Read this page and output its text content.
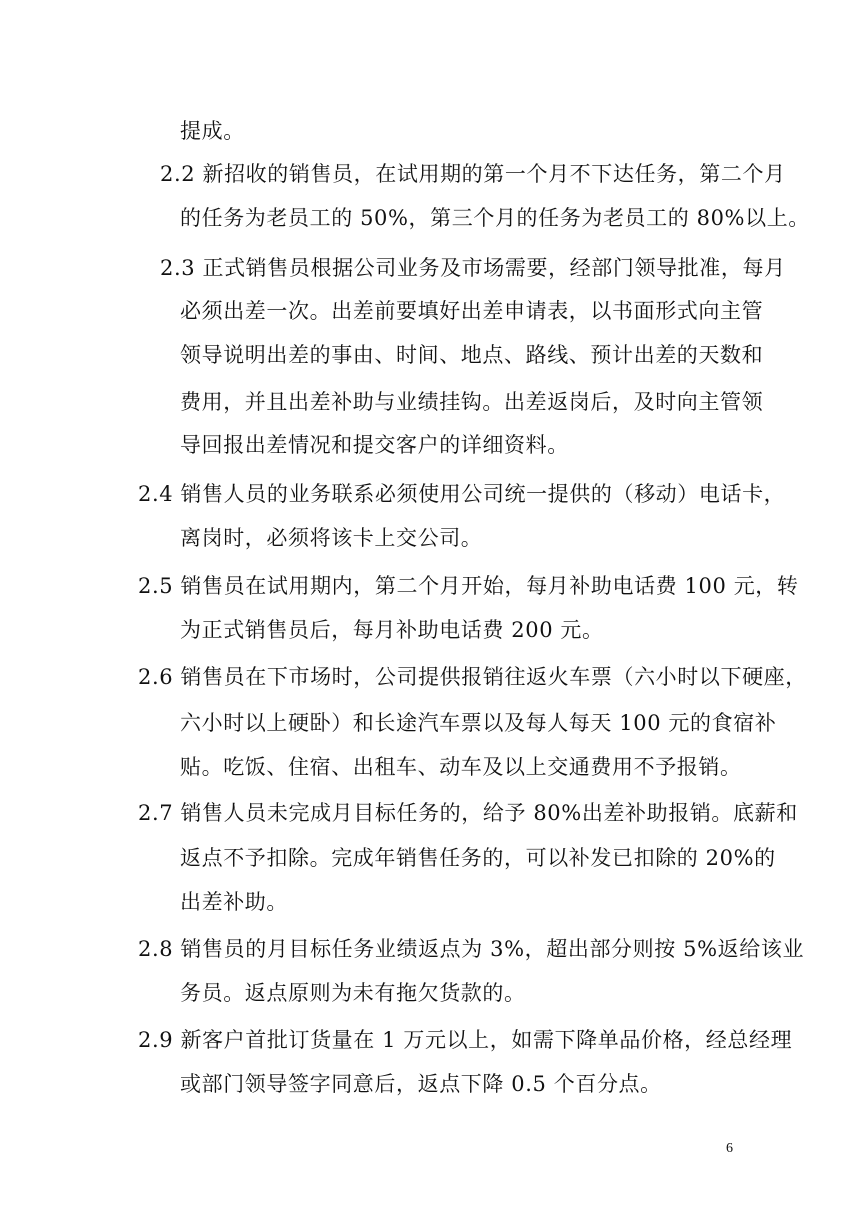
提成。
2.2 新招收的销售员，在试用期的第一个月不下达任务，第二个月
的任务为老员工的 50%，第三个月的任务为老员工的 80%以上。
2.3 正式销售员根据公司业务及市场需要，经部门领导批准，每月
必须出差一次。出差前要填好出差申请表，以书面形式向主管
领导说明出差的事由、时间、地点、路线、预计出差的天数和
费用，并且出差补助与业绩挂钩。出差返岗后，及时向主管领
导回报出差情况和提交客户的详细资料。
2.4 销售人员的业务联系必须使用公司统一提供的（移动）电话卡，
离岗时，必须将该卡上交公司。
2.5 销售员在试用期内，第二个月开始，每月补助电话费 100 元，转
为正式销售员后，每月补助电话费 200 元。
2.6 销售员在下市场时，公司提供报销往返火车票（六小时以下硬座，
六小时以上硬卧）和长途汽车票以及每人每天 100 元的食宿补
贴。吃饭、住宿、出租车、动车及以上交通费用不予报销。
2.7 销售人员未完成月目标任务的，给予 80%出差补助报销。底薪和
返点不予扣除。完成年销售任务的，可以补发已扣除的 20%的
出差补助。
2.8 销售员的月目标任务业绩返点为 3%，超出部分则按 5%返给该业
务员。返点原则为未有拖欠货款的。
2.9 新客户首批订货量在 1 万元以上，如需下降单品价格，经总经理
或部门领导签字同意后，返点下降 0.5 个百分点。
6
